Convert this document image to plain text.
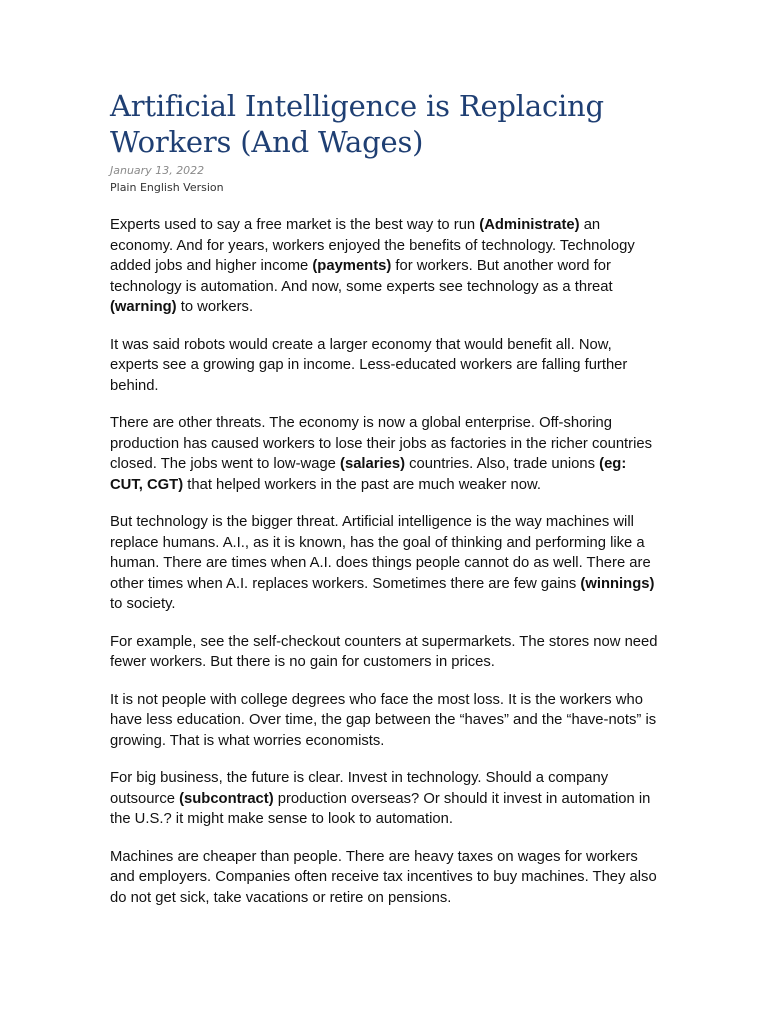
Artificial Intelligence is Replacing Workers (And Wages)
January 13, 2022
Plain English Version

Experts used to say a free market is the best way to run (Administrate) an economy. And for years, workers enjoyed the benefits of technology. Technology added jobs and higher income (payments) for workers. But another word for technology is automation. And now, some experts see technology as a threat (warning) to workers.

It was said robots would create a larger economy that would benefit all. Now, experts see a growing gap in income. Less-educated workers are falling further behind.

There are other threats. The economy is now a global enterprise. Off-shoring production has caused workers to lose their jobs as factories in the richer countries closed. The jobs went to low-wage (salaries) countries. Also, trade unions (eg: CUT, CGT) that helped workers in the past are much weaker now.

But technology is the bigger threat. Artificial intelligence is the way machines will replace humans. A.I., as it is known, has the goal of thinking and performing like a human. There are times when A.I. does things people cannot do as well. There are other times when A.I. replaces workers. Sometimes there are few gains (winnings) to society.

For example, see the self-checkout counters at supermarkets. The stores now need fewer workers. But there is no gain for customers in prices.

It is not people with college degrees who face the most loss. It is the workers who have less education. Over time, the gap between the “haves” and the “have-nots” is growing. That is what worries economists.

For big business, the future is clear. Invest in technology. Should a company outsource (subcontract) production overseas? Or should it invest in automation in the U.S.? it might make sense to look to automation.

Machines are cheaper than people. There are heavy taxes on wages for workers and employers. Companies often receive tax incentives to buy machines. They also do not get sick, take vacations or retire on pensions.
